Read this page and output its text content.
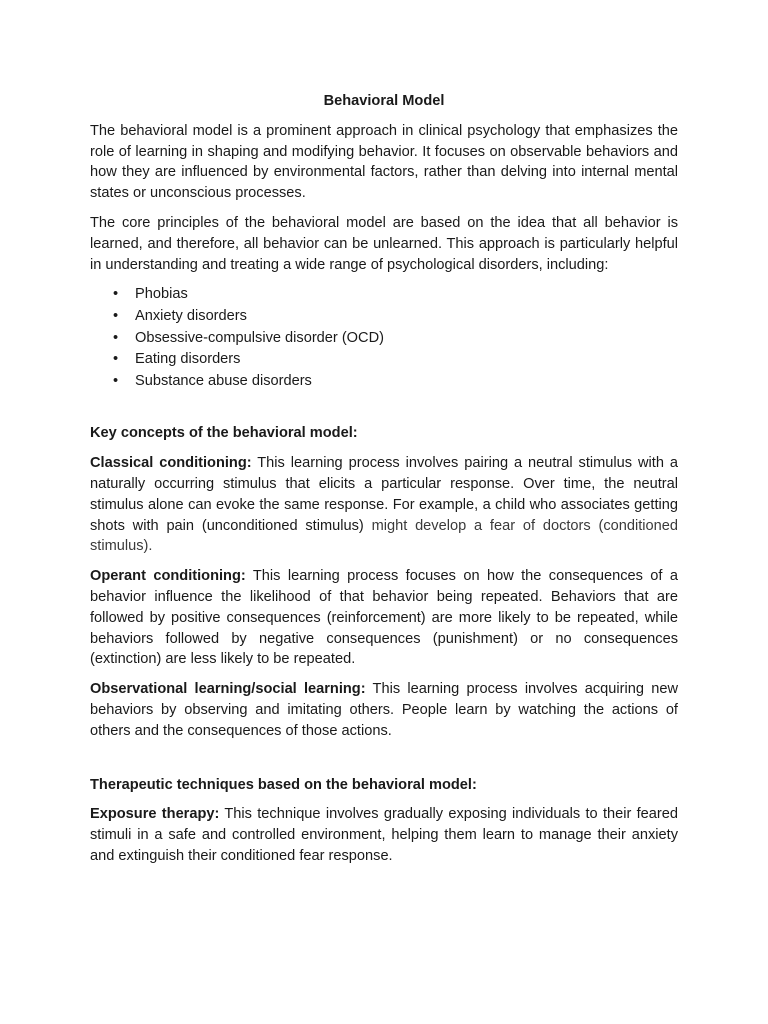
Behavioral Model

The behavioral model is a prominent approach in clinical psychology that emphasizes the role of learning in shaping and modifying behavior. It focuses on observable behaviors and how they are influenced by environmental factors, rather than delving into internal mental states or unconscious processes.

The core principles of the behavioral model are based on the idea that all behavior is learned, and therefore, all behavior can be unlearned. This approach is particularly helpful in understanding and treating a wide range of psychological disorders, including:

• Phobias
• Anxiety disorders
• Obsessive-compulsive disorder (OCD)
• Eating disorders
• Substance abuse disorders
Key concepts of the behavioral model:

Classical conditioning: This learning process involves pairing a neutral stimulus with a naturally occurring stimulus that elicits a particular response. Over time, the neutral stimulus alone can evoke the same response. For example, a child who associates getting shots with pain (unconditioned stimulus) might develop a fear of doctors (conditioned stimulus).

Operant conditioning: This learning process focuses on how the consequences of a behavior influence the likelihood of that behavior being repeated. Behaviors that are followed by positive consequences (reinforcement) are more likely to be repeated, while behaviors followed by negative consequences (punishment) or no consequences (extinction) are less likely to be repeated.

Observational learning/social learning: This learning process involves acquiring new behaviors by observing and imitating others. People learn by watching the actions of others and the consequences of those actions.

Therapeutic techniques based on the behavioral model:

Exposure therapy: This technique involves gradually exposing individuals to their feared stimuli in a safe and controlled environment, helping them learn to manage their anxiety and extinguish their conditioned fear response.
